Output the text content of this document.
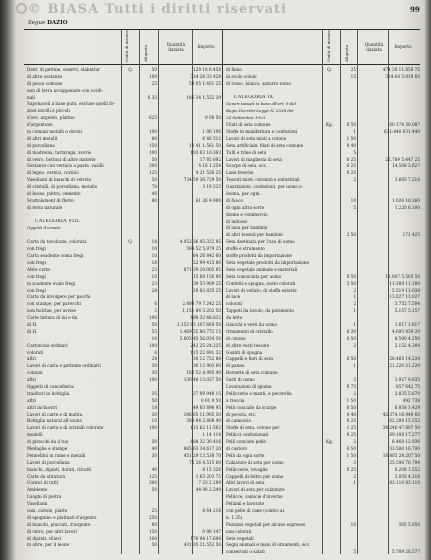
© BIASA Tutti i diritti riservati	99
Segue DAZIO
Unità di misura	Aliquota
Quantità daziata
Importo	Unità di misura	Aliquota
Quantità daziata
Importo
Dent. di pettine, osservi, stabattur	Q.	50	129 18 6.458
di altre sostanze	100	334 28 33.428
di pesce comune	25	58 05 1.451 25
non di terra accapponate con cordi-
nali	6 33	186 34 1.552 29
Saponaceli a base pura, escluse quelli fo-
ziosi incolli e piccoli
d'oro, argento, platino	625	0 08 50
d'argentone
in comuni metalli o dorati	100	1 06 106
di altri metalli	80	6 40 512
di porcellana	150	10 41 1.561 50
di madreina, tartaruga, avorio	100	103 63 10.363
di vetro, bottoni di altre materie	50	17 85 892
Sostanze con vernice a paste, vasilli	300	4 18 1.254
di legno, vernici, cornici	125	4 21 526 25
Vasellami di bianchi di vetrolo	50	734 59 36.729 50
di cristalli, di porcellana, metallo	70	3 19 223
di bosso, pietra, cemento	40
Scattolament di fferro	80	61 26 4.900
di terra naturale
CATEGORIA VIII.
Oggetti d'ornato
Carta da tavolozze, colorata	Q.	18	4.952 36 45.322 85
con fregi	10	594 52 5.979 25
Carta seadente coma fregi	10	84 26 842 60
con fregi	18	22 99 413 80
Altre carte	23	871 39 20.005 85
con fregi	10	15 68 156 80
in scadente ovale fregi	23	39 53 909 25
con fregi	28	29 83 835 25
Carta da involgere per pacchi
con stampe, per parecchi	6	2.484 79 7.242 25
non bolchei, per avvise	3	1.151 84 3.202 50
Carte fattura di lui e da	100	488 32 48.832
di H.	50	2.152 85 107.664 50
di H.	55	1.469 55 80.772 15
10	5.603 45 56.034 50
Cartoncini ordinari	100	242 25 24.225
colorati	6	115 22 691 32
altri	24	30 12 722 88
Lavori di carta e pattume ordinarii	30	30 12 903 60
comuni	30	166 52 4.995 40
altri	100	130 46 13.037 50
Oggetti di cancelleria:
traditori in bottiglia	35	27 09 948 15
altri	50	0 01 0 50
altri inchiostri	18	49 83 896 95
Lavori di carte e di matita	30	396 85 11.905 50
Bottiglia natural all'ozono	10	280 84 2.808 40
Lavori di carta e di cristalli colorate	100	115 62 11.562
modelli	1 14 114
di pirecchi da il tuo	50	608 32 30.416
Medaglie e stampe	40	865 63 34.617 20
Pennellini in rame e metalli	30	451 29 13.538 70
Lavori di porcellana	75 26 4.515 60
bianchi, dipinti, dorati, ritratti	40	8 15 326
Carte da stiratura	125	1 63 203 75
Cornici di tutti	300	7 33 2.199
Ambiente	50	44 98 2.249
Luoghi di pietra
Vasellami
vasi, ciotole, piatte	25	8 64 216
di spugnino e platinati d'argento	250
di bianchi, placcati, d'argento	80
di vetro, per altri lavori	150	0 98 147
di dipinti, rilievi	100	176 98 17.698
in altre, per il leone	50	431 05 21.552 50
di fieno	Q.	25	474 39 11.859 75
di ecolo coloni	15	334 64 5.019 60
di rosso, bianco, azzurro rosso
CATEGORIA IX.
Generi tassati in base all'art. 9 del
Regio Decreto-Legge N. 2538 del
24 Settembre 1923.
Filati di seta comune	Kg.	0 50	60.174 30.087
Stoffe in manifattura e confezioni	1	631.440 631.440
Lavori di seta misti a cotone	1 50
Seta artificiale: filati di seta comune	0 40
Tulli e trine di seta	5
Lavori di maglieria di seta	0 25	21.789 5.447 25
Scarpe di seta, ecc.	0 25	14.508 3.627
Lane fresche	0 25
Tessuti misti, cotonati e industriali	2	3.605 7.210
Guarnizioni, confezioni, per uomo e
donna, per ogni
di fuoco	10	1.026 10.260
di ogni altra sorte	5	1.220 6.100
donne e commercio
di indosso
di lana per bambini
di altri tessuti per bambini	2 50	171 425
Seta destinata per l'uso di uomo
stoffe e strumento
stoffe prodotti da importazione
Seta vegetale prodotti da importazione
Seta vegetale animale e materiali
Seta conosciuta per uomo	0 50	11.007 5.503 50
Confetti e spugna, aceto colorati	3 50	11.300 11.300
Lavori di velluto, di stoffa esterni	2	5.519 11.038
di luce	1	13.027 13.027
colorati	2	3.752 7.504
Tappeti da tavolo, da pavimento	1	5.157 5.157
da letto
Giuochi e vesti da uomo	1	1.617 1.617
Ornamenti di cristallo	0 20	4.695 939 20
di cotone	0 50	8.500 4.250
di altre vesti tessute	2	2.152 4.304
Guanti di spugna
Cappelli e fiori di seta	0 50	28.468 14.234
di panno	1	21.220 21.220
Borsette di seta comune
Sarti di uomo	5	1.927 9.635
Lavorazioni di spuma	0 75	857 642 75
Pelliccerie o manti, e pecorella	2	2.835 5.670
a treccia	1 50	492 738
Pelli conciate da scarpe	0 50	6.858 3.429
di pecora, etc.	0 40	42.374 16.949 60
di camoscio	0 25	62.208 15.552
Stoffe di seta, cotone per	1 25	38.246 47.807 50
Pellicci confezionati	0 25	69.108 17.277
Pelli conciate pelle	Kg.	2	6.468 12.936
di castoro	0 50	33.580 16.790
Pelli da ogni sorte	1 50	18.805 28.207 50
Calzature di seta per uomo	3	25.598 76.794
Pelliccerie, tovaglie	0 25	6.208 1.552
Cappelli di feltro per uomo	2	2.058 4.116
Altri lavori di seta	1	83.110 83.110
Lavori di seta per calzature
Pellicce, camicie d'inverno
Pellami e lavorate
con pelle di cane (contro al.
n. 1.35)
Pezzami vegetali per alcuno espresso	10	505 5.050
non colorati
Sete vegetali
Segni animali e mani di ornamenti, ecc.
conservati o salati	5	5.709 28.577
